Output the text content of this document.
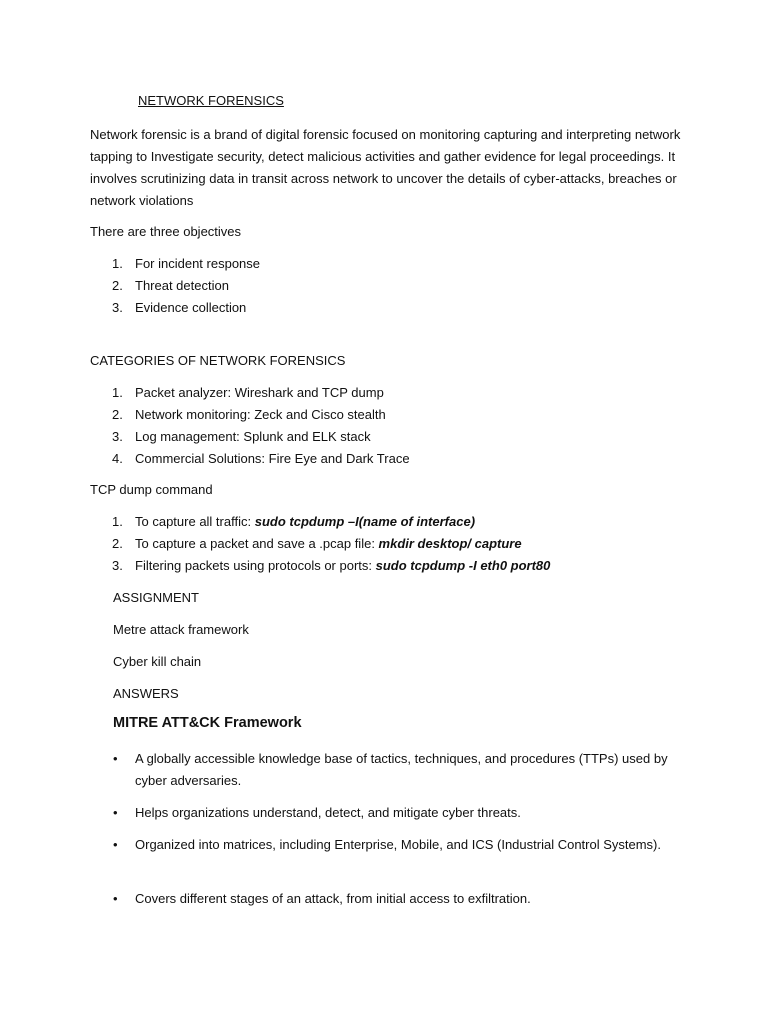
NETWORK FORENSICS

Network forensic is a brand of digital forensic focused on monitoring capturing and interpreting network tapping to Investigate security, detect malicious activities and gather evidence for legal proceedings. It involves scrutinizing data in transit across network to uncover the details of cyber-attacks, breaches or network violations

There are three objectives

1. For incident response
2. Threat detection
3. Evidence collection

CATEGORIES OF NETWORK FORENSICS

1. Packet analyzer: Wireshark and TCP dump
2. Network monitoring: Zeck and Cisco stealth
3. Log management: Splunk and ELK stack
4. Commercial Solutions: Fire Eye and Dark Trace

TCP dump command

1. To capture all traffic: sudo tcpdump –I(name of interface)
2. To capture a packet and save a .pcap file: mkdir desktop/ capture
3. Filtering packets using protocols or ports: sudo tcpdump -I eth0 port80

ASSIGNMENT

Metre attack framework

Cyber kill chain

ANSWERS

MITRE ATT&CK Framework
• A globally accessible knowledge base of tactics, techniques, and procedures (TTPs) used by cyber adversaries.
• Helps organizations understand, detect, and mitigate cyber threats.
• Organized into matrices, including Enterprise, Mobile, and ICS (Industrial Control Systems).
• Covers different stages of an attack, from initial access to exfiltration.
